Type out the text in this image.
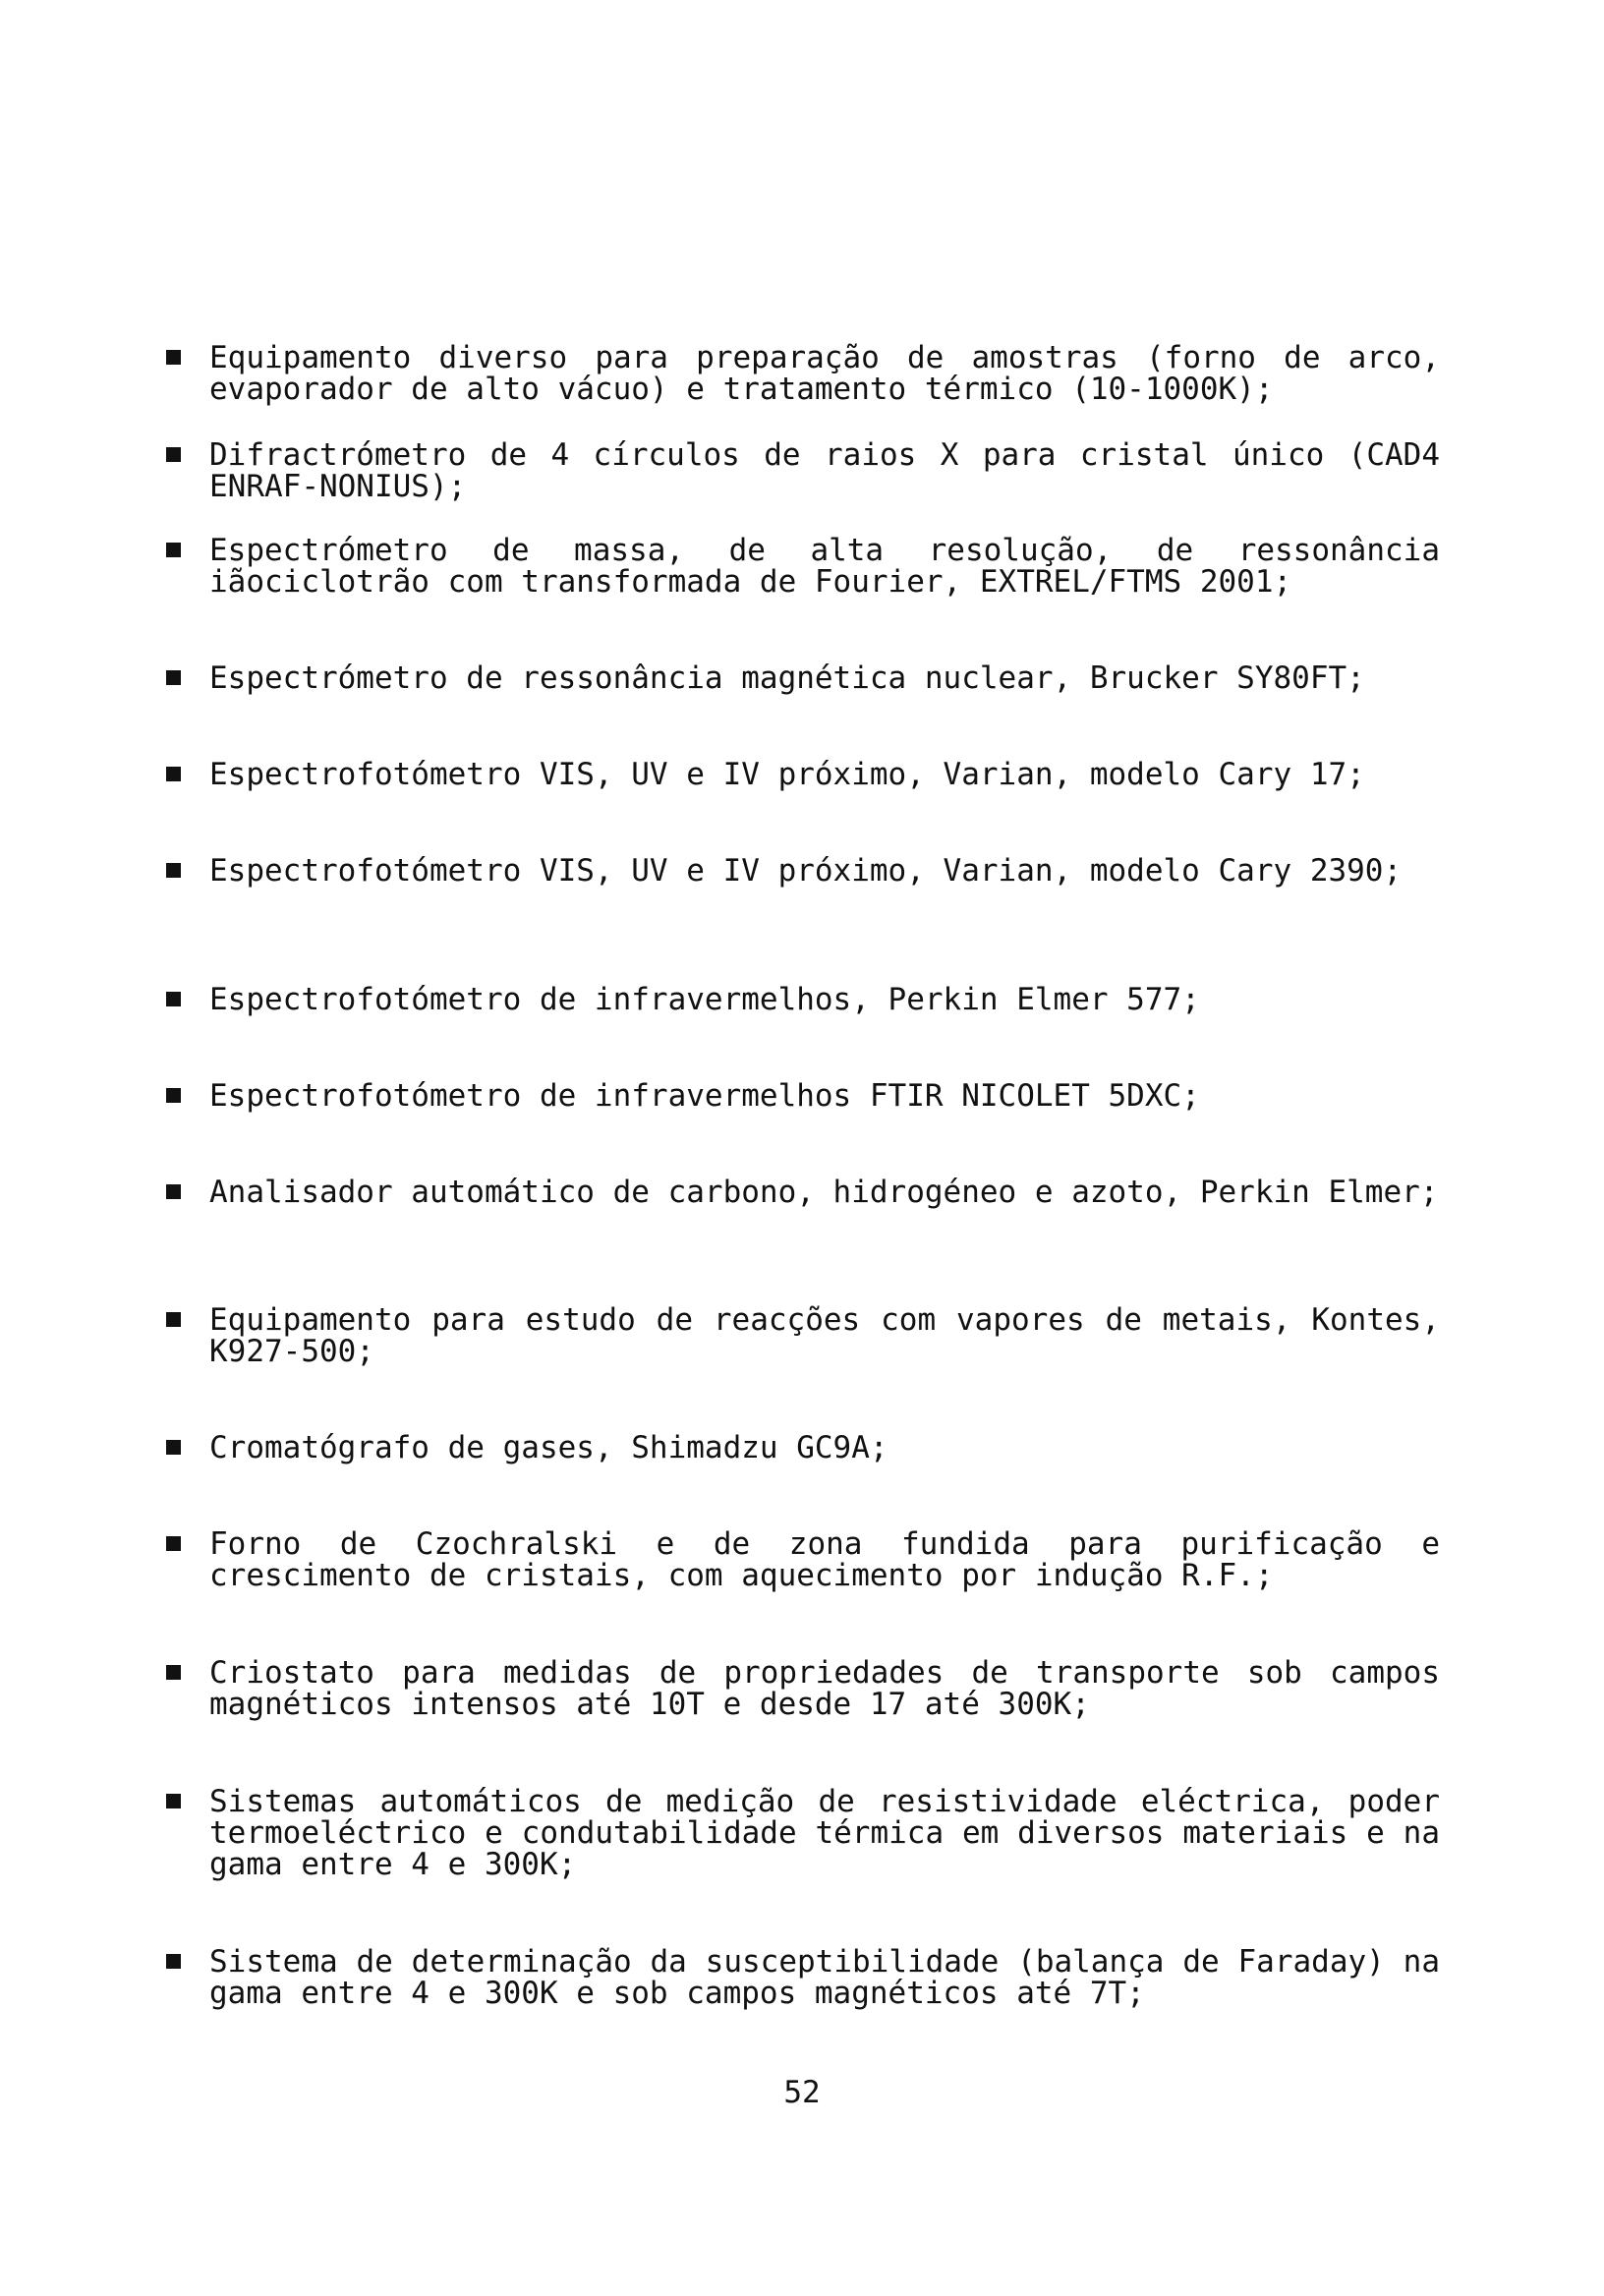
Equipamento diverso para preparação de amostras (forno de arco, evaporador de alto vácuo) e tratamento térmico (10-1000K);
Difractrómetro de 4 círculos de raios X para cristal único (CAD4 ENRAF-NONIUS);
Espectrómetro de massa, de alta resolução, de ressonância iãociclotrão com transformada de Fourier, EXTREL/FTMS 2001;
Espectrómetro de ressonância magnética nuclear, Brucker SY80FT;
Espectrofotómetro VIS, UV e IV próximo, Varian, modelo Cary 17;
Espectrofotómetro VIS, UV e IV próximo, Varian, modelo Cary 2390;
Espectrofotómetro de infravermelhos, Perkin Elmer 577;
Espectrofotómetro de infravermelhos FTIR NICOLET 5DXC;
Analisador automático de carbono, hidrogéneo e azoto, Perkin Elmer;
Equipamento para estudo de reacções com vapores de metais, Kontes, K927-500;
Cromatógrafo de gases, Shimadzu GC9A;
Forno de Czochralski e de zona fundida para purificação e crescimento de cristais, com aquecimento por indução R.F.;
Criostato para medidas de propriedades de transporte sob campos magnéticos intensos até 10T e desde 17 até 300K;
Sistemas automáticos de medição de resistividade eléctrica, poder termoeléctrico e condutabilidade térmica em diversos materiais e na gama entre 4 e 300K;
Sistema de determinação da susceptibilidade (balança de Faraday) na gama entre 4 e 300K e sob campos magnéticos até 7T;
52
